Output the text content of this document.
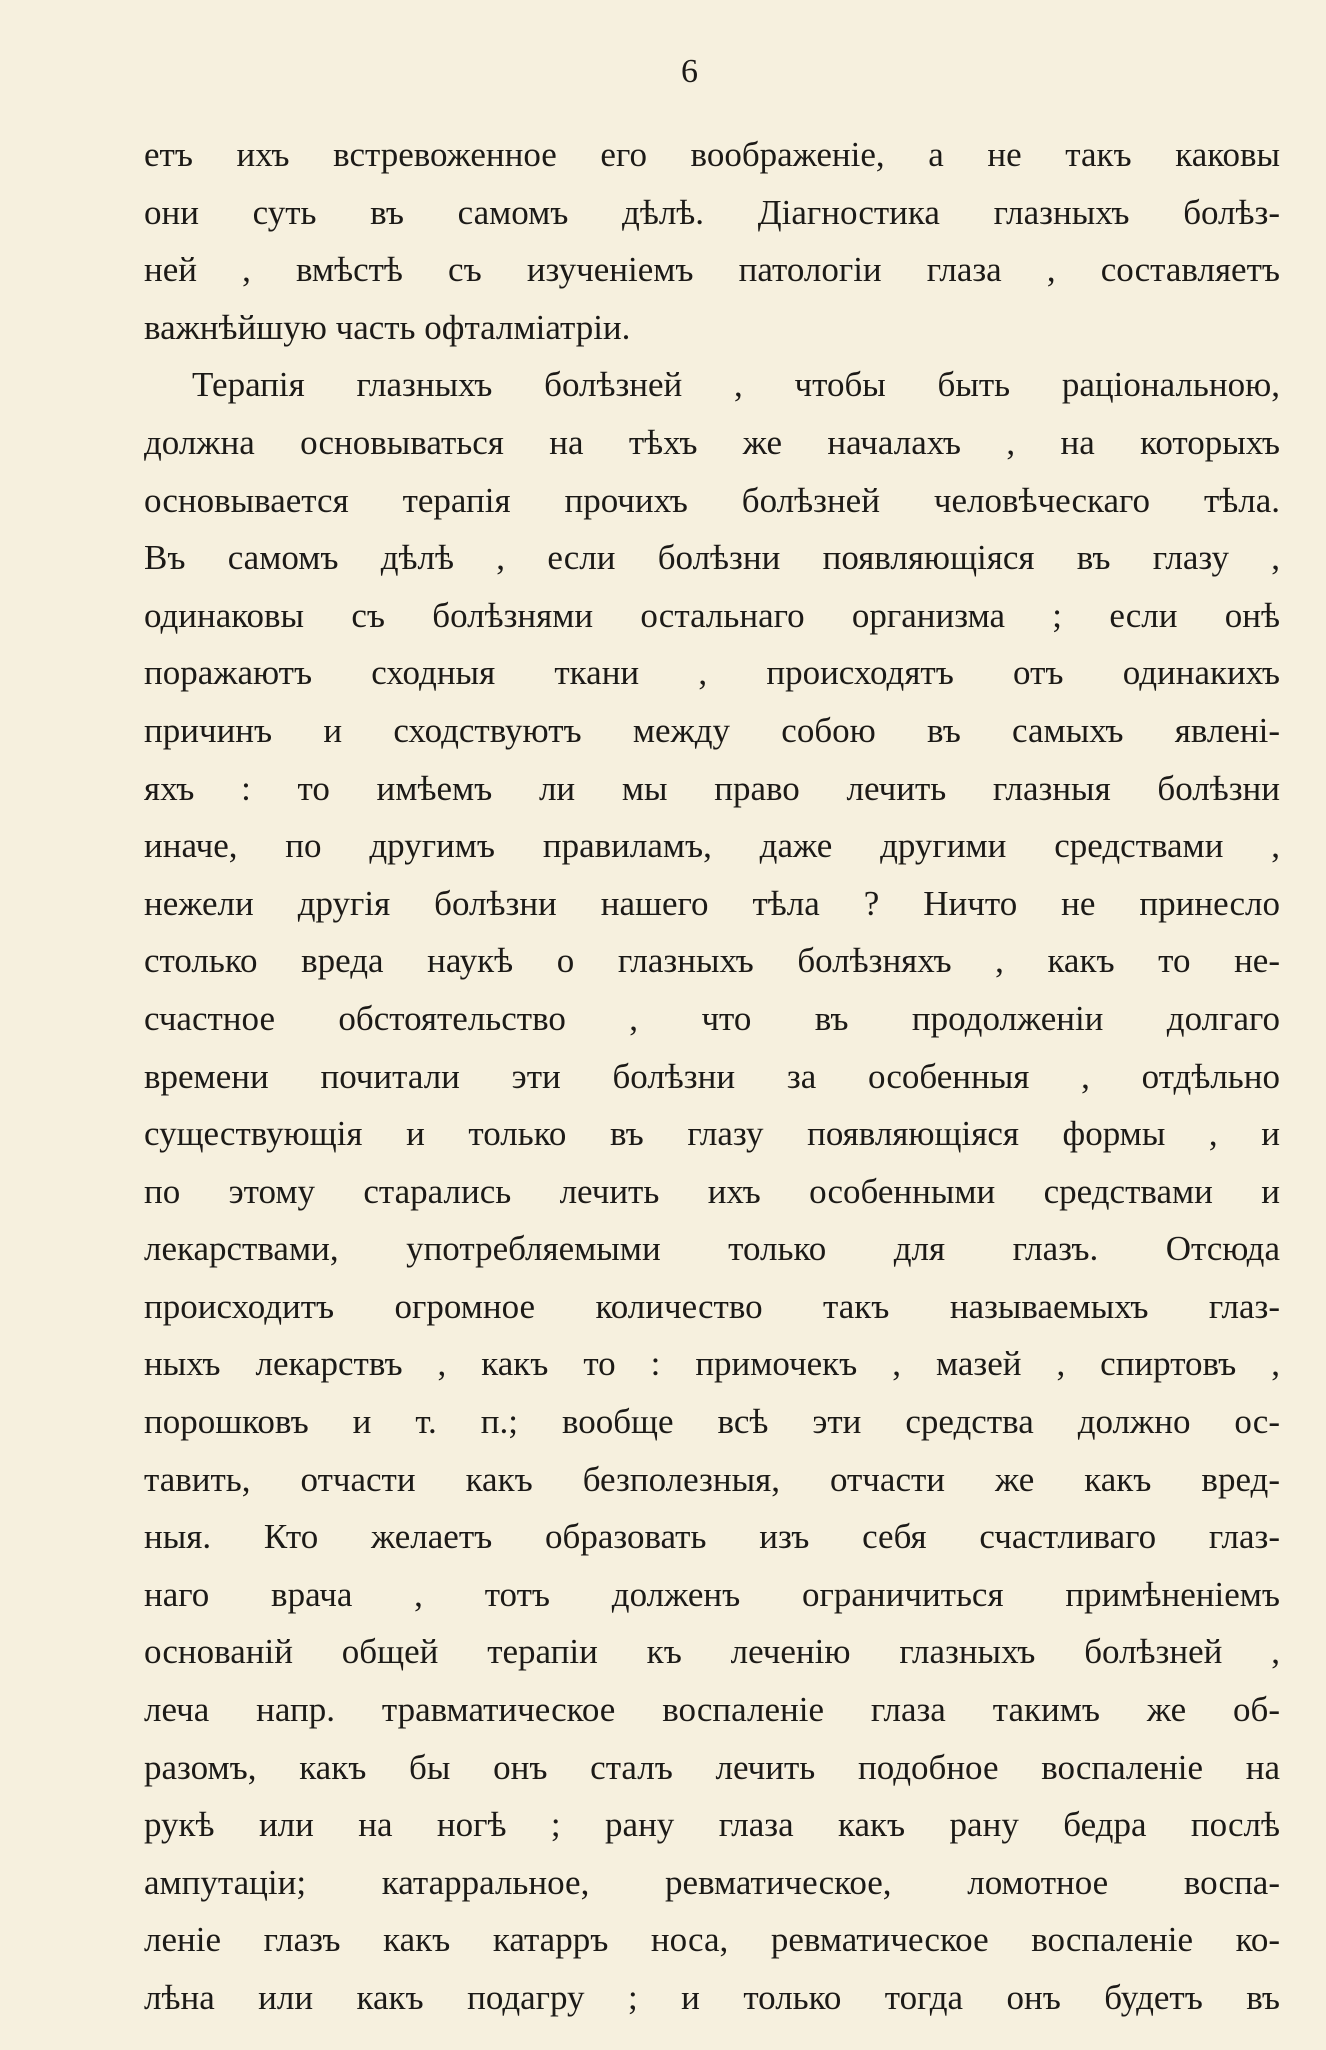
6
етъ ихъ встревоженное его воображеніе, а не такъ каковы
они суть въ самомъ дѣлѣ. Діагностика глазныхъ болѣз-
ней , вмѣстѣ съ изученіемъ патологіи глаза , составляетъ
важнѣйшую часть офталміатріи.
Терапія глазныхъ болѣзней , чтобы быть раціональною,
должна основываться на тѣхъ же началахъ , на которыхъ
основывается терапія прочихъ болѣзней человѣческаго тѣла.
Въ самомъ дѣлѣ , если болѣзни появляющіяся въ глазу ,
одинаковы съ болѣзнями остальнаго организма ; если онѣ
поражаютъ сходныя ткани , происходятъ отъ одинакихъ
причинъ и сходствуютъ между собою въ самыхъ явлені-
яхъ : то имѣемъ ли мы право лечить глазныя болѣзни
иначе, по другимъ правиламъ, даже другими средствами ,
нежели другія болѣзни нашего тѣла ? Ничто не принесло
столько вреда наукѣ о глазныхъ болѣзняхъ , какъ то не-
счастное обстоятельство , что въ продолженіи долгаго
времени почитали эти болѣзни за особенныя , отдѣльно
существующія и только въ глазу появляющіяся формы , и
по этому старались лечить ихъ особенными средствами и
лекарствами, употребляемыми только для глазъ. Отсюда
происходитъ огромное количество такъ называемыхъ глаз-
ныхъ лекарствъ , какъ то : примочекъ , мазей , спиртовъ ,
порошковъ и т. п.; вообще всѣ эти средства должно ос-
тавить, отчасти какъ безполезныя, отчасти же какъ вред-
ныя. Кто желаетъ образовать изъ себя счастливаго глаз-
наго врача , тотъ долженъ ограничиться примѣненіемъ
основаній общей терапіи къ леченію глазныхъ болѣзней ,
леча напр. травматическое воспаленіе глаза такимъ же об-
разомъ, какъ бы онъ сталъ лечить подобное воспаленіе на
рукѣ или на ногѣ ; рану глаза какъ рану бедра послѣ
ампутаціи; катарральное, ревматическое, ломотное воспа-
леніе глазъ какъ катарръ носа, ревматическое воспаленіе ко-
лѣна или какъ подагру ; и только тогда онъ будетъ въ
